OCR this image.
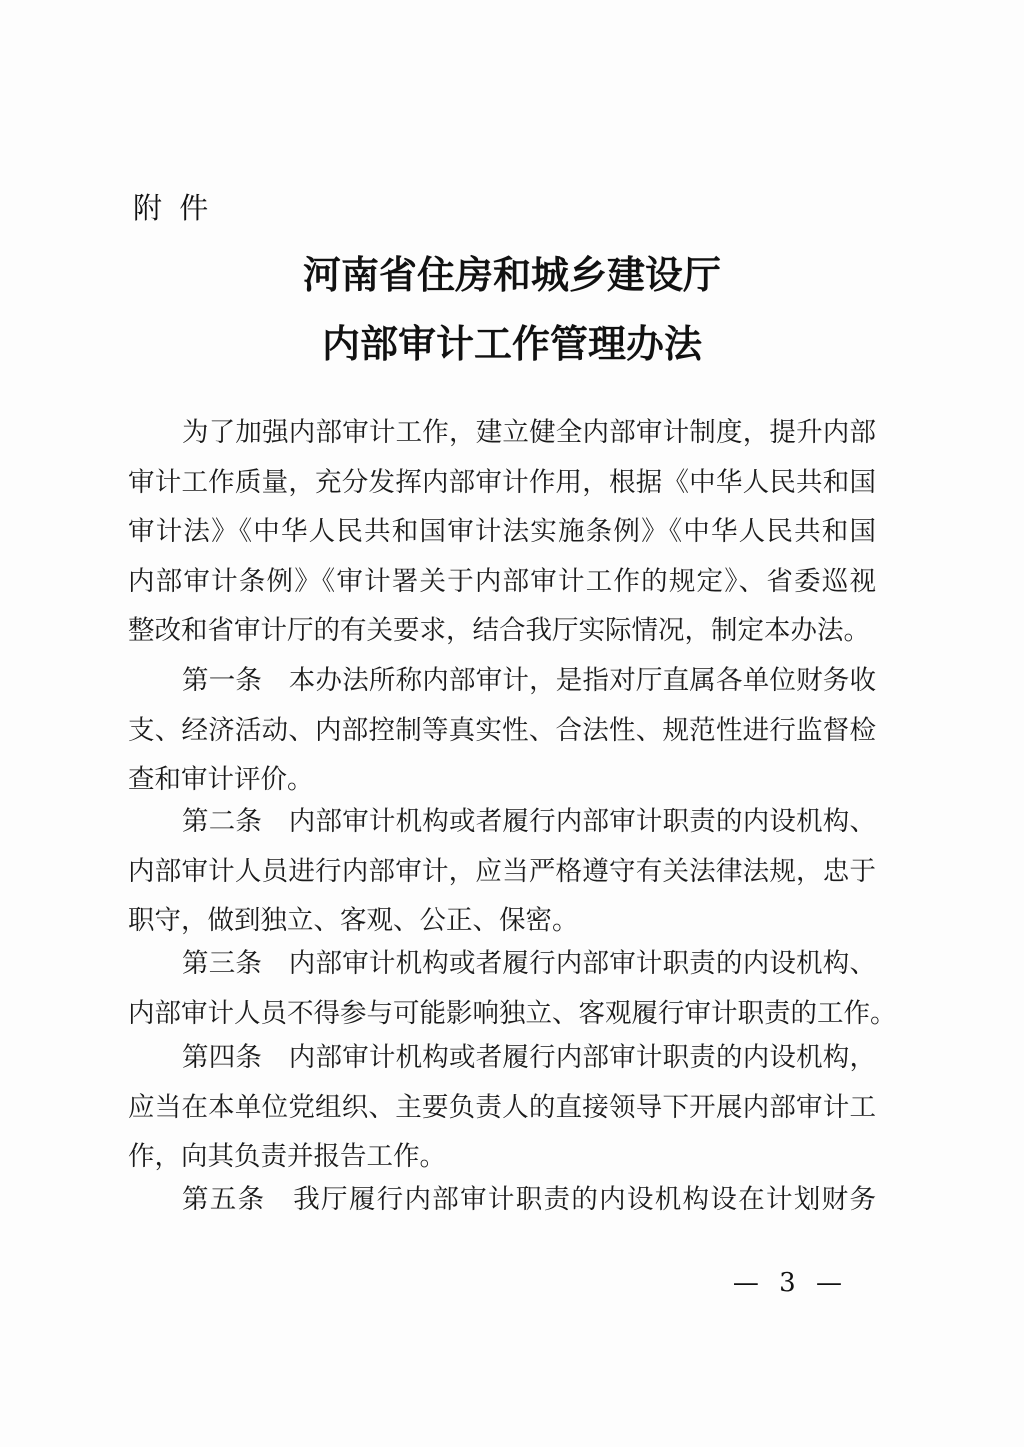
附 件
河南省住房和城乡建设厅
内部审计工作管理办法
为了加强内部审计工作，建立健全内部审计制度，提升内部
审计工作质量，充分发挥内部审计作用，根据《中华人民共和国
审计法》《中华人民共和国审计法实施条例》《中华人民共和国
内部审计条例》《审计署关于内部审计工作的规定》、省委巡视
整改和省审计厅的有关要求，结合我厅实际情况，制定本办法。
第一条　本办法所称内部审计，是指对厅直属各单位财务收
支、经济活动、内部控制等真实性、合法性、规范性进行监督检
查和审计评价。
第二条　内部审计机构或者履行内部审计职责的内设机构、
内部审计人员进行内部审计，应当严格遵守有关法律法规，忠于
职守，做到独立、客观、公正、保密。
第三条　内部审计机构或者履行内部审计职责的内设机构、
内部审计人员不得参与可能影响独立、客观履行审计职责的工作。
第四条　内部审计机构或者履行内部审计职责的内设机构，
应当在本单位党组织、主要负责人的直接领导下开展内部审计工
作，向其负责并报告工作。
第五条　我厅履行内部审计职责的内设机构设在计划财务
— 3 —
